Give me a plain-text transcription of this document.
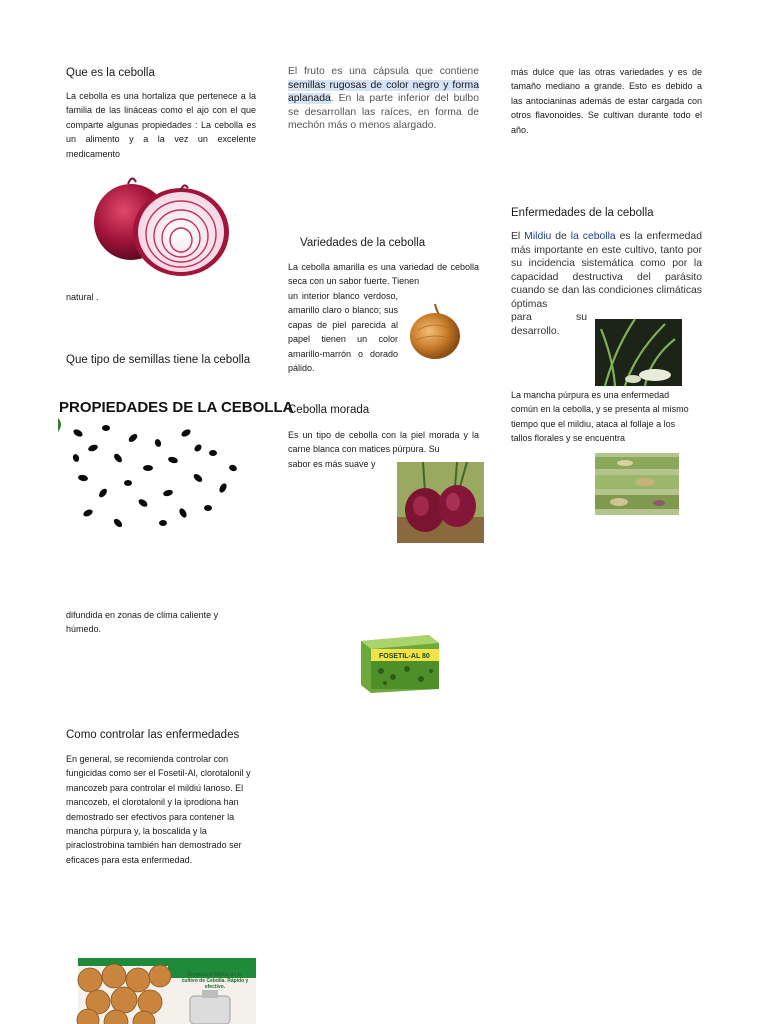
Que es la cebolla
La cebolla es una hortaliza que pertenece a la familia de las lináceas como el ajo con el que comparte algunas propiedades : La cebolla es un alimento y a la vez un excelente medicamento
natural .
Que tipo de semillas tiene la cebolla
PROPIEDADES DE LA CEBOLLA
difundida en zonas de clima caliente y húmedo.
Como controlar las enfermedades
En general, se recomienda controlar con fungicidas como ser el Fosetil-Al, clorotalonil y mancozeb para controlar el mildiú lanoso. El mancozeb, el clorotalonil y la iprodiona han demostrado ser efectivos para contener la mancha púrpura y, la boscalida y la piraclostrobina también han demostrado ser eficaces para esta enfermedad.
Erradica el Mildiu de tu cultivo de Cebolla. Rápido y efectivo.
El fruto es una cápsula que contiene semillas rugosas de color negro y forma aplanada. En la parte inferior del bulbo se desarrollan las raíces, en forma de mechón más o menos alargado.
Variedades de la cebolla
La cebolla amarilla es una variedad de cebolla seca con un sabor fuerte. Tienen
un interior blanco verdoso, amarillo claro o blanco; sus capas de piel parecida al papel tienen un color amarillo-marrón o dorado pálido.
Cebolla morada
Es un tipo de cebolla con la piel morada y la carne blanca con matices púrpura. Su
sabor es más suave y
FOSETIL-AL 80
más dulce que las otras variedades y es de tamaño mediano a grande. Esto es debido a las antocianinas además de estar cargada con otros flavonoides. Se cultivan durante todo el año.
Enfermedades de la cebolla
El Mildiu de la cebolla es la enfermedad más importante en este cultivo, tanto por su incidencia sistemática como por la capacidad destructiva del parásito cuando se dan las condiciones climáticas óptimas
para	su
desarrollo.
La mancha púrpura es una enfermedad común en la cebolla, y se presenta al mismo tiempo que el mildiu, ataca al follaje a los tallos florales y se encuentra
